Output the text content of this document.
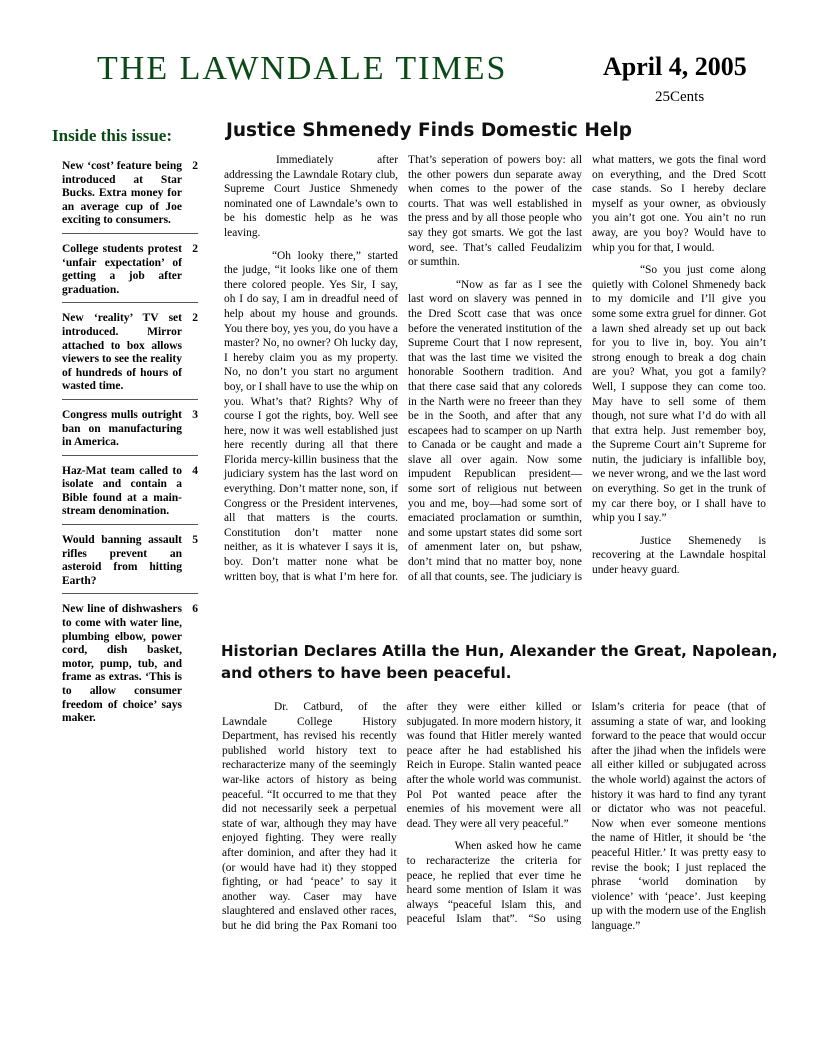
THE LAWNDALE TIMES	April 4, 2005
25Cents
Inside this issue:
New ‘cost’ feature being introduced at Star Bucks. Extra money for an average cup of Joe exciting to consumers.
2
College students protest ‘unfair expectation’ of getting a job after graduation.
2
New ‘reality’ TV set introduced. Mirror attached to box allows viewers to see the reality of hundreds of hours of wasted time.
2
Congress mulls outright ban on manufacturing in America.
3
Haz-Mat team called to isolate and contain a Bible found at a main-stream denomination.
4
Would banning assault rifles prevent an asteroid from hitting Earth?
5
New line of dishwashers to come with water line, plumbing elbow, power cord, dish basket, motor, pump, tub, and frame as extras. ‘This is to allow consumer freedom of choice’ says maker.
6
Justice Shmenedy Finds Domestic Help

Immediately after addressing the Lawndale Rotary club, Supreme Court Justice Shmenedy nominated one of Lawndale’s own to be his domestic help as he was leaving.

“Oh looky there,” started the judge, “it looks like one of them there colored people. Yes Sir, I say, oh I do say, I am in dreadful need of help about my house and grounds. You there boy, yes you, do you have a master? No, no owner? Oh lucky day, I hereby claim you as my property. No, no don’t you start no argument boy, or I shall have to use the whip on you. What’s that? Rights? Why of course I got the rights, boy. Well see here, now it was well established just here recently during all that there Florida mercy-killin business that the judiciary system has the last word on everything. Don’t matter none, son, if Congress or the President intervenes, all that matters is the courts. Constitution don’t matter none neither, as it is whatever I says it is, boy. Don’t matter none what be written boy, that is what I’m here for. That’s seperation of powers boy: all the other powers dun separate away when comes to the power of the courts. That was well established in the press and by all those people who say they got smarts. We got the last word, see. That’s called Feudalizim or sumthin.

“Now as far as I see the last word on slavery was penned in the Dred Scott case that was once before the venerated institution of the Supreme Court that I now represent, that was the last time we visited the honorable Soothern tradition. And that there case said that any coloreds in the Narth were no freeer than they be in the Sooth, and after that any escapees had to scamper on up Narth to Canada or be caught and made a slave all over again. Now some impudent Republican president—some sort of religious nut between you and me, boy—had some sort of emaciated proclamation or sumthin, and some upstart states did some sort of amenment later on, but pshaw, don’t mind that no matter boy, none of all that counts, see. The judiciary is what matters, we gots the final word on everything, and the Dred Scott case stands. So I hereby declare myself as your owner, as obviously you ain’t got one. You ain’t no run away, are you boy? Would have to whip you for that, I would.

“So you just come along quietly with Colonel Shmenedy back to my domicile and I’ll give you some some extra gruel for dinner. Got a lawn shed already set up out back for you to live in, boy. You ain’t strong enough to break a dog chain are you? What, you got a family? Well, I suppose they can come too. May have to sell some of them though, not sure what I’d do with all that extra help. Just remember boy, the Supreme Court ain’t Supreme for nutin, the judiciary is infallible boy, we never wrong, and we the last word on everything. So get in the trunk of my car there boy, or I shall have to whip you I say.”

Justice Shemenedy is recovering at the Lawndale hospital under heavy guard.

Historian Declares Atilla the Hun, Alexander the Great, Napolean, and others to have been peaceful.

Dr. Catburd, of the Lawndale College History Department, has revised his recently published world history text to recharacterize many of the seemingly war-like actors of history as being peaceful. “It occurred to me that they did not necessarily seek a perpetual state of war, although they may have enjoyed fighting. They were really after dominion, and after they had it (or would have had it) they stopped fighting, or had ‘peace’ to say it another way. Caser may have slaughtered and enslaved other races, but he did bring the Pax Romani too after they were either killed or subjugated. In more modern history, it was found that Hitler merely wanted peace after he had established his Reich in Europe. Stalin wanted peace after the whole world was communist. Pol Pot wanted peace after the enemies of his movement were all dead. They were all very peaceful.”

When asked how he came to recharacterize the criteria for peace, he replied that ever time he heard some mention of Islam it was always “peaceful Islam this, and peaceful Islam that”. “So using Islam’s criteria for peace (that of assuming a state of war, and looking forward to the peace that would occur after the jihad when the infidels were all either killed or subjugated across the whole world) against the actors of history it was hard to find any tyrant or dictator who was not peaceful. Now when ever someone mentions the name of Hitler, it should be ‘the peaceful Hitler.’ It was pretty easy to revise the book; I just replaced the phrase ‘world domination by violence’ with ‘peace’. Just keeping up with the modern use of the English language.”
